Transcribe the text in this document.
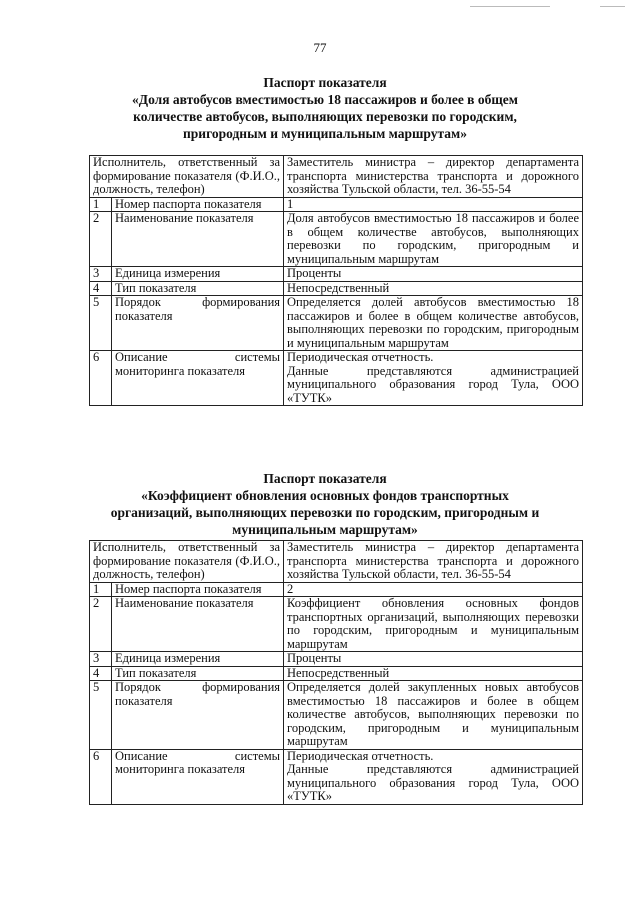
77
Паспорт показателя
«Доля автобусов вместимостью 18 пассажиров и более в общем
количестве автобусов, выполняющих перевозки по городским,
пригородным и муниципальным маршрутам»
Исполнитель, ответственный за формирование показателя (Ф.И.О., должность, телефон)		Заместитель министра – директор департамента транспорта министерства транспорта и дорожного хозяйства Тульской области, тел. 36-55-54
1	Номер паспорта показателя	1
2	Наименование показателя	Доля автобусов вместимостью 18 пассажиров и более в общем количестве автобусов, выполняющих перевозки по городским, пригородным и муниципальным маршрутам
3	Единица измерения	Проценты
4	Тип показателя	Непосредственный
5	Порядок формирования показателя	Определяется долей автобусов вместимостью 18 пассажиров и более в общем количестве автобусов, выполняющих перевозки по городским, пригородным и муниципальным маршрутам
6	Описание системы мониторинга показателя	Периодическая отчетность.
Данные представляются администрацией муниципального образования город Тула, ООО «ТУТК»
Паспорт показателя
«Коэффициент обновления основных фондов транспортных
организаций, выполняющих перевозки по городским, пригородным и
муниципальным маршрутам»
Исполнитель, ответственный за формирование показателя (Ф.И.О., должность, телефон)		Заместитель министра – директор департамента транспорта министерства транспорта и дорожного хозяйства Тульской области, тел. 36-55-54
1	Номер паспорта показателя	2
2	Наименование показателя	Коэффициент обновления основных фондов транспортных организаций, выполняющих перевозки по городским, пригородным и муниципальным маршрутам
3	Единица измерения	Проценты
4	Тип показателя	Непосредственный
5	Порядок формирования показателя	Определяется долей закупленных новых автобусов вместимостью 18 пассажиров и более в общем количестве автобусов, выполняющих перевозки по городским, пригородным и муниципальным маршрутам
6	Описание системы мониторинга показателя	Периодическая отчетность.
Данные представляются администрацией муниципального образования город Тула, ООО «ТУТК»
